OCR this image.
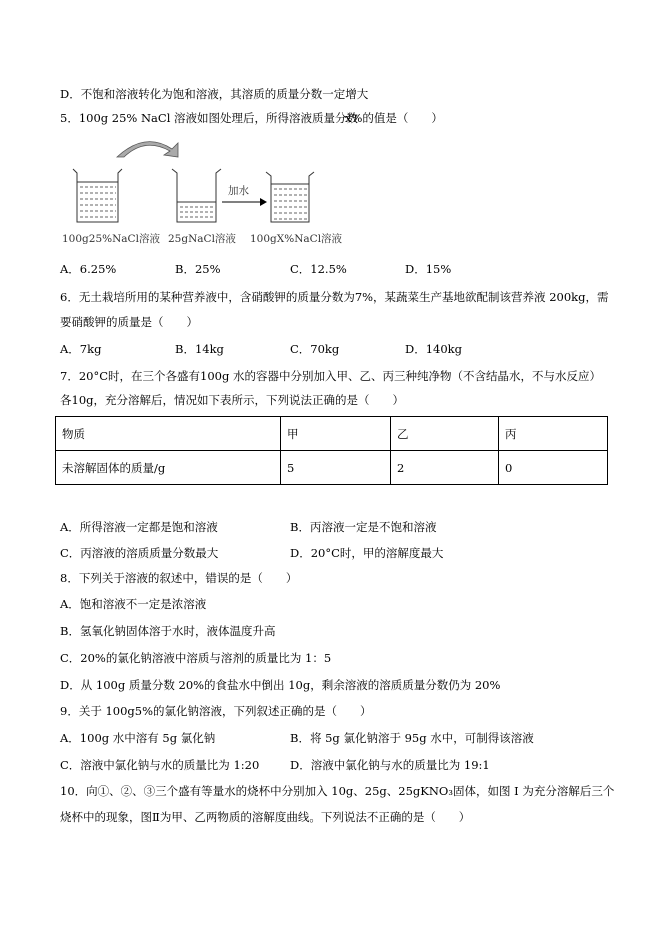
D．不饱和溶液转化为饱和溶液，其溶质的质量分数一定增大
5．100g 25% NaCl 溶液如图处理后，所得溶液质量分数
x%的值是（　　）
加水
100g25%NaCl溶液 25gNaCl溶液 100gX%NaCl溶液
A．6.25%	B．25%	C．12.5%	D．15%
6．无土栽培所用的某种营养液中，含硝酸钾的质量分数为7%，某蔬菜生产基地欲配制该营养液 200kg，需
要硝酸钾的质量是（　　）
A．7kg	B．14kg	C．70kg	D．140kg
7．20°C时，在三个各盛有100g 水的容器中分别加入甲、乙、丙三种纯净物（不含结晶水，不与水反应）
各10g，充分溶解后，情况如下表所示，下列说法正确的是（　　）
物质	甲	乙	丙
未溶解固体的质量/g	5	2	0
A．所得溶液一定都是饱和溶液	B．丙溶液一定是不饱和溶液
C．丙溶液的溶质质量分数最大	D．20°C时，甲的溶解度最大
8．下列关于溶液的叙述中，错误的是（　　）
A．饱和溶液不一定是浓溶液
B．氢氧化钠固体溶于水时，液体温度升高
C．20%的氯化钠溶液中溶质与溶剂的质量比为 1：5
D．从 100g 质量分数 20%的食盐水中倒出 10g，剩余溶液的溶质质量分数仍为 20%
9．关于 100g5%的氯化钠溶液，下列叙述正确的是（　　）
A．100g 水中溶有 5g 氯化钠	B．将 5g 氯化钠溶于 95g 水中，可制得该溶液
C．溶液中氯化钠与水的质量比为 1:20	D．溶液中氯化钠与水的质量比为 19:1
10．向①、②、③三个盛有等量水的烧杯中分别加入 10g、25g、25gKNO₃固体，如图 I 为充分溶解后三个
烧杯中的现象，图Ⅱ为甲、乙两物质的溶解度曲线。下列说法不正确的是（　　）
